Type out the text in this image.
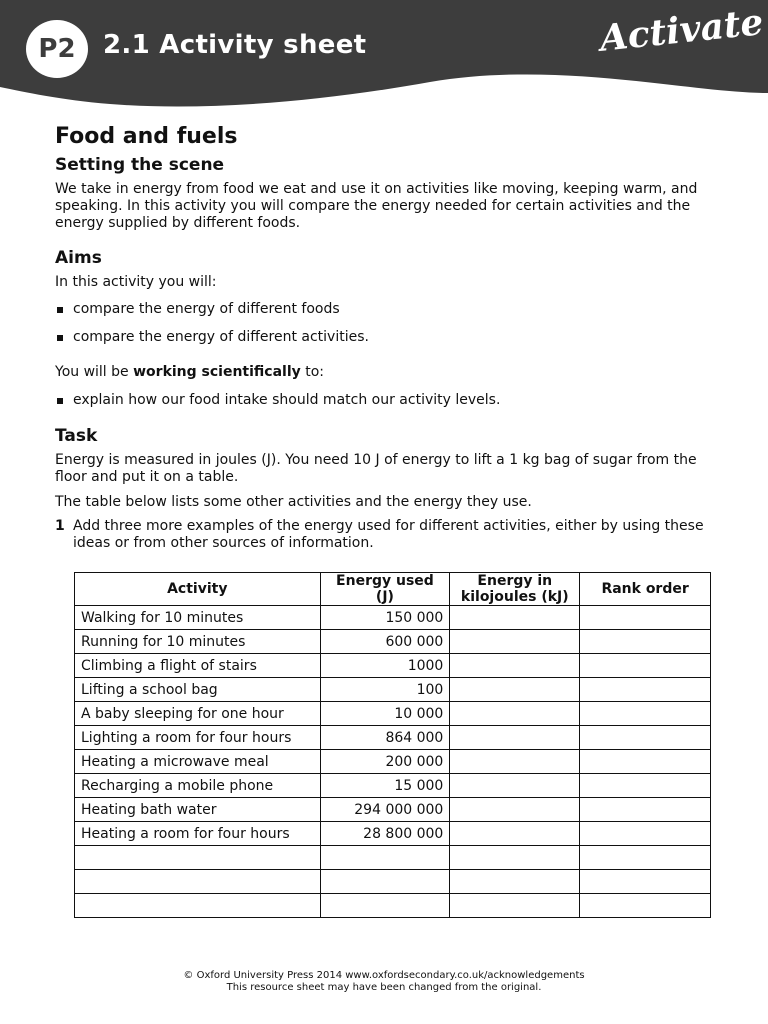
P2	2.1 Activity sheet	Activate
Food and fuels
Setting the scene

We take in energy from food we eat and use it on activities like moving, keeping warm, and speaking. In this activity you will compare the energy needed for certain activities and the energy supplied by different foods.

Aims

In this activity you will:

compare the energy of different foods
compare the energy of different activities.

You will be working scientifically to:

explain how our food intake should match our activity levels.
Task

Energy is measured in joules (J). You need 10 J of energy to lift a 1 kg bag of sugar from the floor and put it on a table.

The table below lists some other activities and the energy they use.

1 Add three more examples of the energy used for different activities, either by using these ideas or from other sources of information.
Activity	Energy used (J)	Energy in kilojoules (kJ)	Rank order
Walking for 10 minutes	150 000		
Running for 10 minutes	600 000		
Climbing a flight of stairs	1000		
Lifting a school bag	100		
A baby sleeping for one hour	10 000		
Lighting a room for four hours	864 000		
Heating a microwave meal	200 000		
Recharging a mobile phone	15 000		
Heating bath water	294 000 000		
Heating a room for four hours	28 800 000		

© Oxford University Press 2014 www.oxfordsecondary.co.uk/acknowledgements
This resource sheet may have been changed from the original.
